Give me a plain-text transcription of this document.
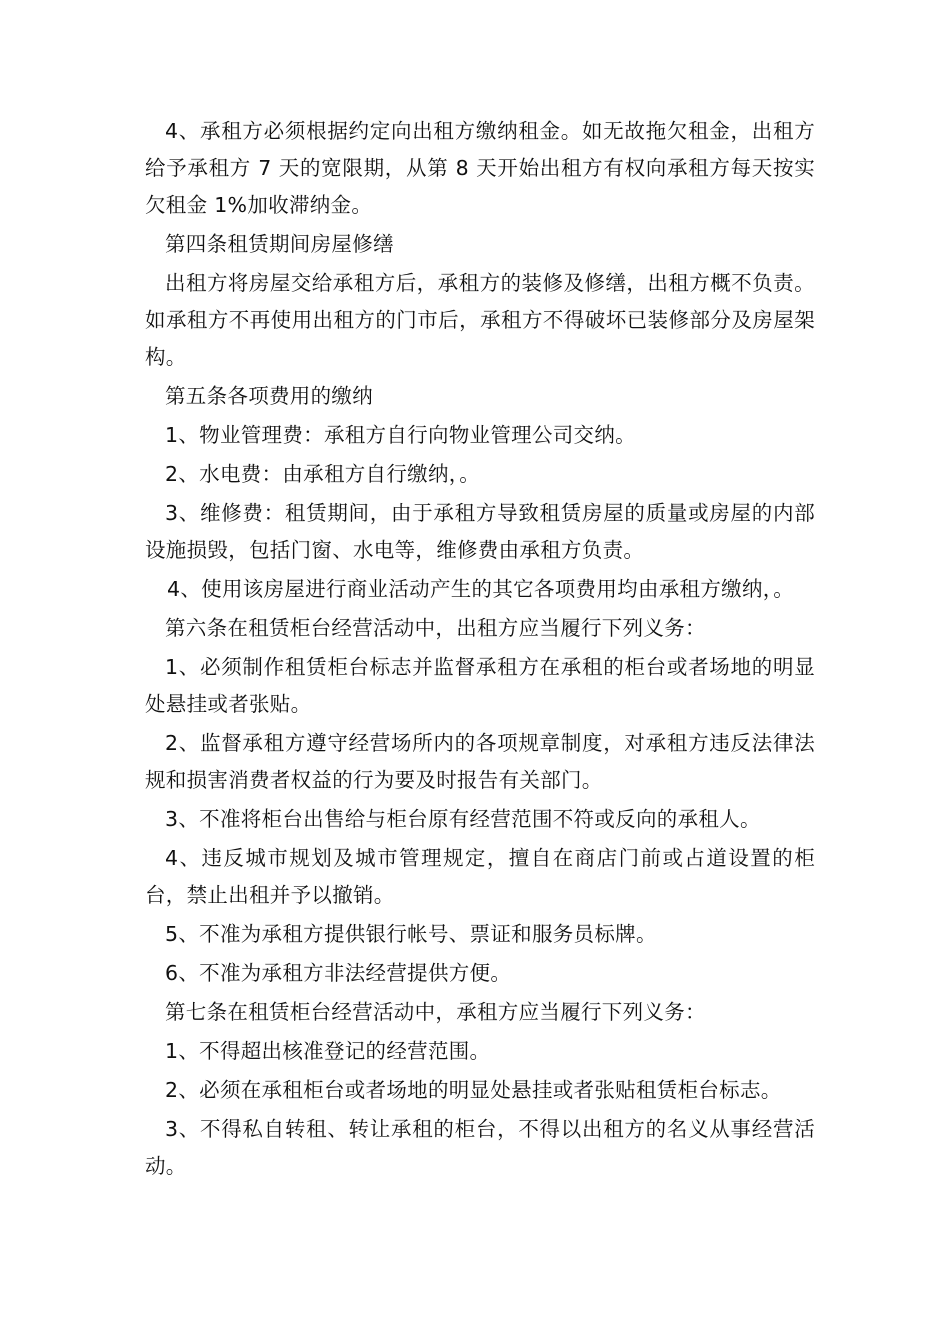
4、承租方必须根据约定向出租方缴纳租金。如无故拖欠租金，出租方给予承租方 7 天的宽限期，从第 8 天开始出租方有权向承租方每天按实欠租金 1%加收滞纳金。

第四条租赁期间房屋修缮

出租方将房屋交给承租方后，承租方的装修及修缮，出租方概不负责。如承租方不再使用出租方的门市后，承租方不得破坏已装修部分及房屋架构。

第五条各项费用的缴纳

1、物业管理费：承租方自行向物业管理公司交纳。

2、水电费：由承租方自行缴纳，。

3、维修费：租赁期间，由于承租方导致租赁房屋的质量或房屋的内部设施损毁，包括门窗、水电等，维修费由承租方负责。

4、使用该房屋进行商业活动产生的其它各项费用均由承租方缴纳，。

第六条在租赁柜台经营活动中，出租方应当履行下列义务：

1、必须制作租赁柜台标志并监督承租方在承租的柜台或者场地的明显处悬挂或者张贴。

2、监督承租方遵守经营场所内的各项规章制度，对承租方违反法律法规和损害消费者权益的行为要及时报告有关部门。

3、不准将柜台出售给与柜台原有经营范围不符或反向的承租人。

4、违反城市规划及城市管理规定，擅自在商店门前或占道设置的柜台，禁止出租并予以撤销。

5、不准为承租方提供银行帐号、票证和服务员标牌。

6、不准为承租方非法经营提供方便。

第七条在租赁柜台经营活动中，承租方应当履行下列义务：

1、不得超出核准登记的经营范围。

2、必须在承租柜台或者场地的明显处悬挂或者张贴租赁柜台标志。

3、不得私自转租、转让承租的柜台，不得以出租方的名义从事经营活动。
